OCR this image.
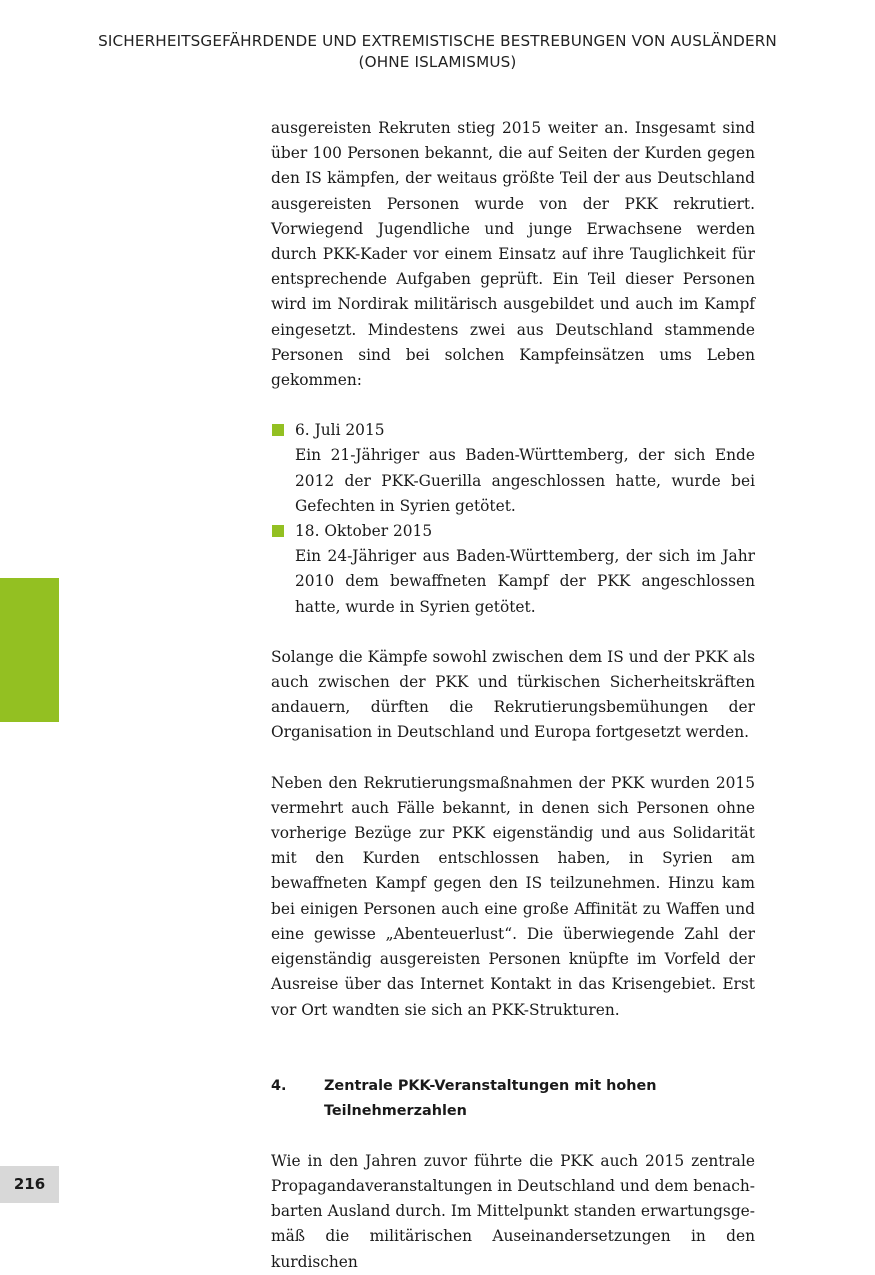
SICHERHEITSGEFÄHRDENDE UND EXTREMISTISCHE BESTREBUNGEN VON AUSLÄNDERN
(OHNE ISLAMISMUS)

ausgereisten Rekruten stieg 2015 weiter an. Insgesamt sind über 100 Personen bekannt, die auf Seiten der Kurden gegen den IS kämpfen, der weitaus größte Teil der aus Deutschland ausgereisten Personen wurde von der PKK rekrutiert. Vorwiegend Jugendliche und junge Erwachsene werden durch PKK-Kader vor einem Einsatz auf ihre Tauglichkeit für entsprechende Aufgaben geprüft. Ein Teil dieser Personen wird im Nordirak militärisch ausgebildet und auch im Kampf eingesetzt. Mindestens zwei aus Deutschland stammende Personen sind bei solchen Kampfeinsätzen ums Leben gekommen:

6. Juli 2015
Ein 21-Jähriger aus Baden-Württemberg, der sich Ende 2012 der PKK-Guerilla angeschlossen hatte, wurde bei Gefechten in Syrien getötet.
18. Oktober 2015
Ein 24-Jähriger aus Baden-Württemberg, der sich im Jahr 2010 dem bewaffneten Kampf der PKK angeschlossen hatte, wurde in Syrien getötet.

Solange die Kämpfe sowohl zwischen dem IS und der PKK als auch zwischen der PKK und türkischen Sicherheitskräften andauern, dürften die Rekrutierungsbemühungen der Organisation in Deutschland und Europa fortgesetzt werden.

Neben den Rekrutierungsmaßnahmen der PKK wurden 2015 vermehrt auch Fälle bekannt, in denen sich Personen ohne vorherige Bezüge zur PKK eigenständig und aus Solidarität mit den Kurden entschlossen haben, in Syrien am bewaffneten Kampf gegen den IS teilzunehmen. Hinzu kam bei einigen Personen auch eine große Affinität zu Waffen und eine gewisse „Abenteuerlust“. Die überwiegende Zahl der eigenständig ausgereisten Personen knüpfte im Vorfeld der Ausreise über das Internet Kontakt in das Krisengebiet. Erst vor Ort wandten sie sich an PKK-Strukturen.

4.	Zentrale PKK-Veranstaltungen mit hohen Teilnehmerzahlen

Wie in den Jahren zuvor führte die PKK auch 2015 zentrale Propagandaveranstaltungen in Deutschland und dem benachbarten Ausland durch. Im Mittelpunkt standen erwartungsgemäß die militärischen Auseinandersetzungen in den kurdischen

216
